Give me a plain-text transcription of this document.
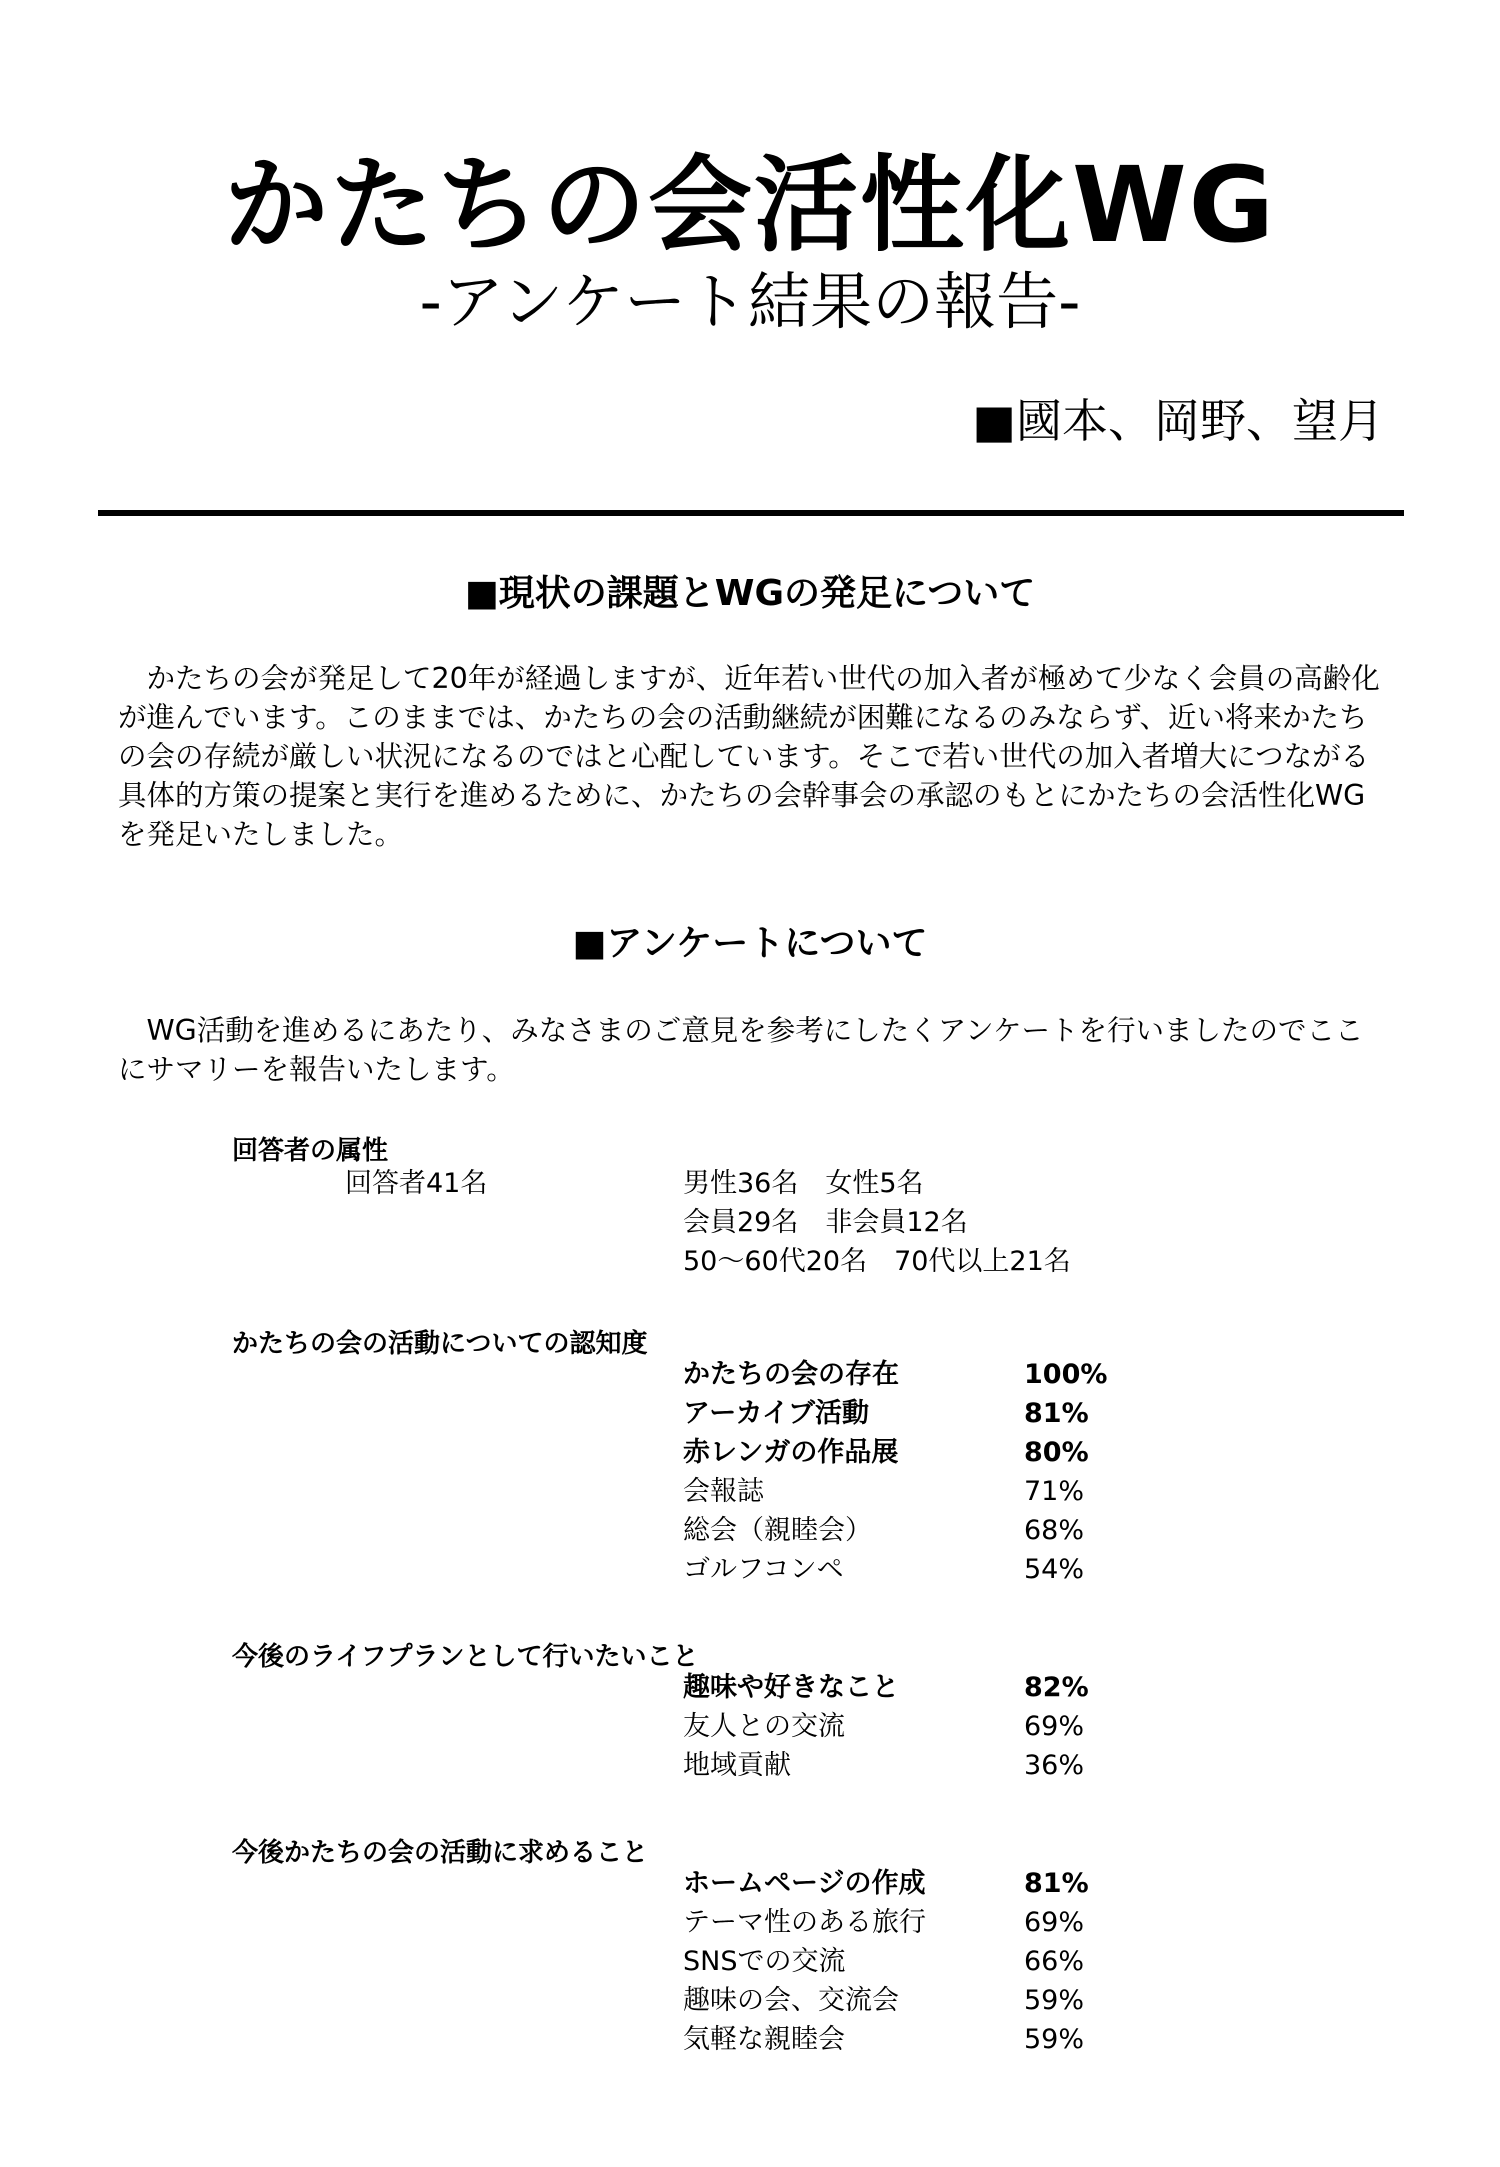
かたちの会活性化WG
-アンケート結果の報告-
■國本、岡野、望月
■現状の課題とWGの発足について
かたちの会が発足して20年が経過しますが、近年若い世代の加入者が極めて少なく会員の高齢化が進んでいます。このままでは、かたちの会の活動継続が困難になるのみならず、近い将来かたちの会の存続が厳しい状況になるのではと心配しています。そこで若い世代の加入者増大につながる具体的方策の提案と実行を進めるために、かたちの会幹事会の承認のもとにかたちの会活性化WGを発足いたしました。
■アンケートについて
WG活動を進めるにあたり、みなさまのご意見を参考にしたくアンケートを行いましたのでここにサマリーを報告いたします。
回答者の属性
回答者41名	男性36名　女性5名
会員29名　非会員12名
50～60代20名　70代以上21名
かたちの会の活動についての認知度
かたちの会の存在	100%
アーカイブ活動	81%
赤レンガの作品展	80%
会報誌	71%
総会（親睦会）	68%
ゴルフコンペ	54%
今後のライフプランとして行いたいこと
趣味や好きなこと	82%
友人との交流	69%
地域貢献	36%
今後かたちの会の活動に求めること
ホームページの作成	81%
テーマ性のある旅行	69%
SNSでの交流	66%
趣味の会、交流会	59%
気軽な親睦会	59%
